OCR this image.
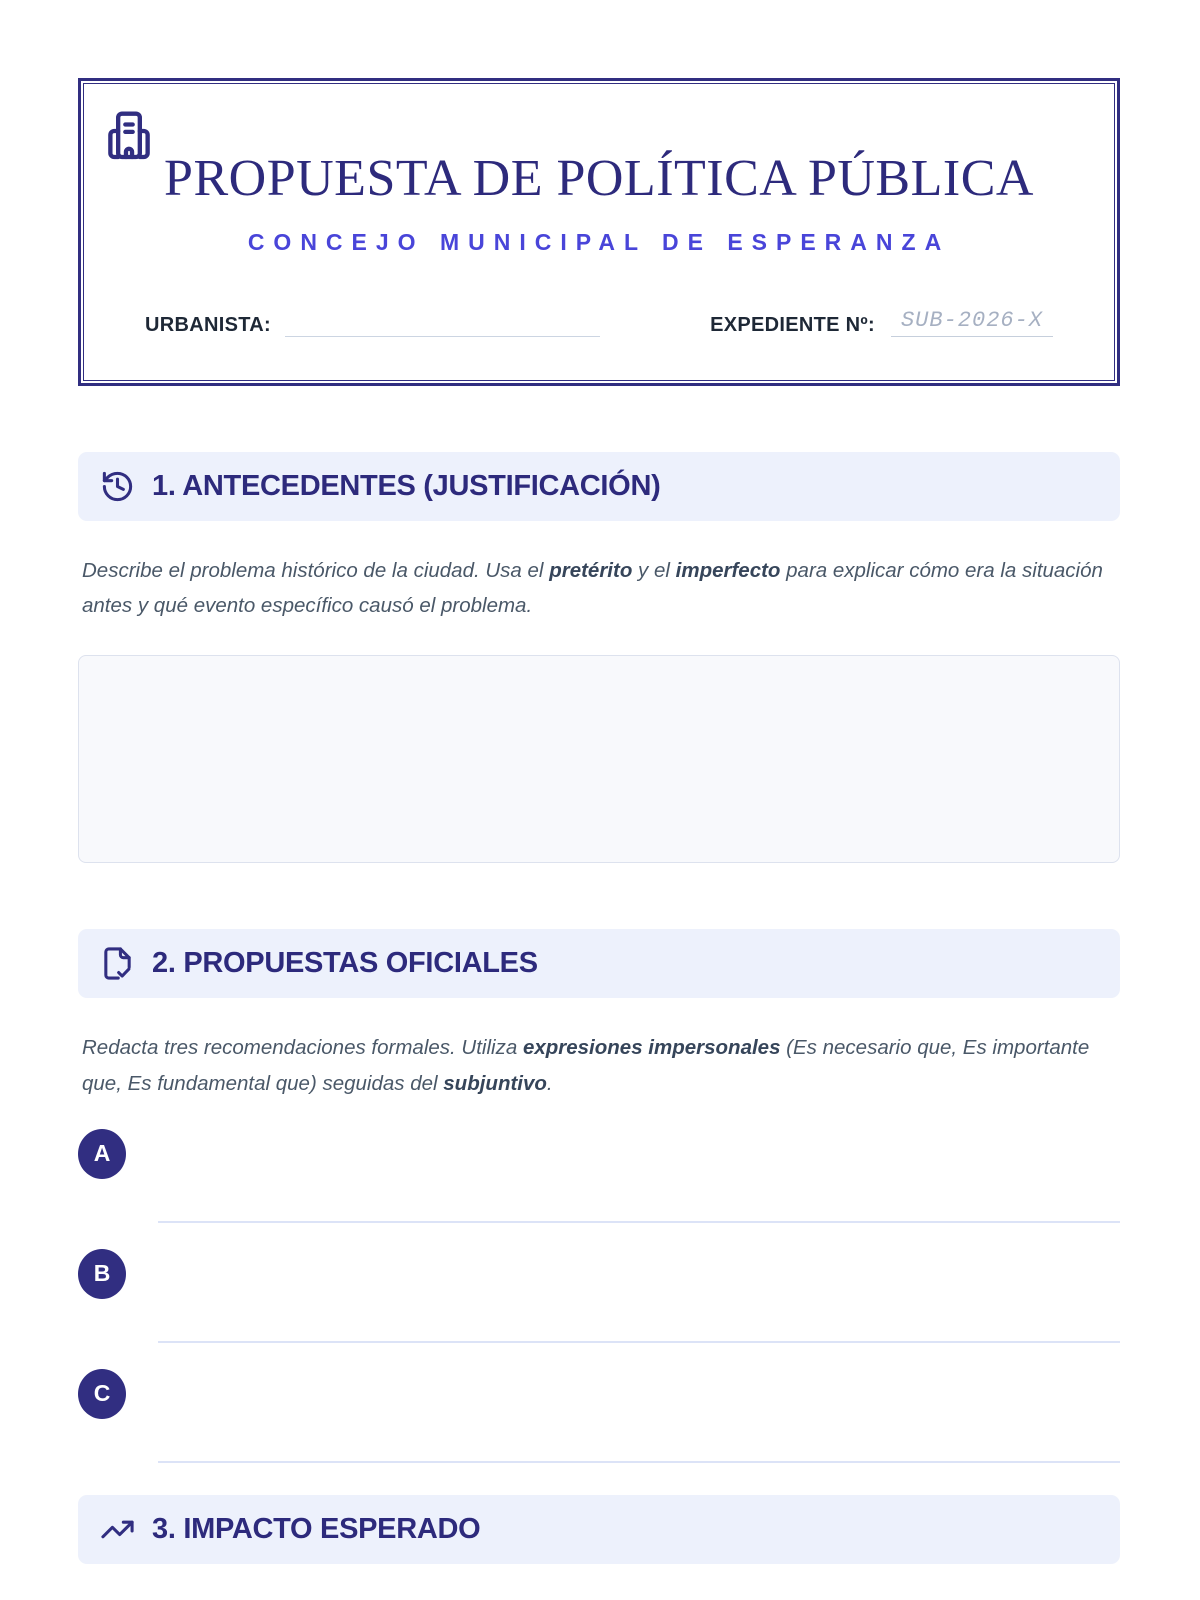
PROPUESTA DE POLÍTICA PÚBLICA
CONCEJO MUNICIPAL DE ESPERANZA
URBANISTA:	EXPEDIENTE Nº:	SUB-2026-X
1. ANTECEDENTES (JUSTIFICACIÓN)

Describe el problema histórico de la ciudad. Usa el pretérito y el imperfecto para explicar cómo era la situación antes y qué evento específico causó el problema.

2. PROPUESTAS OFICIALES

Redacta tres recomendaciones formales. Utiliza expresiones impersonales (Es necesario que, Es importante que, Es fundamental que) seguidas del subjuntivo.

A
B
C
3. IMPACTO ESPERADO
